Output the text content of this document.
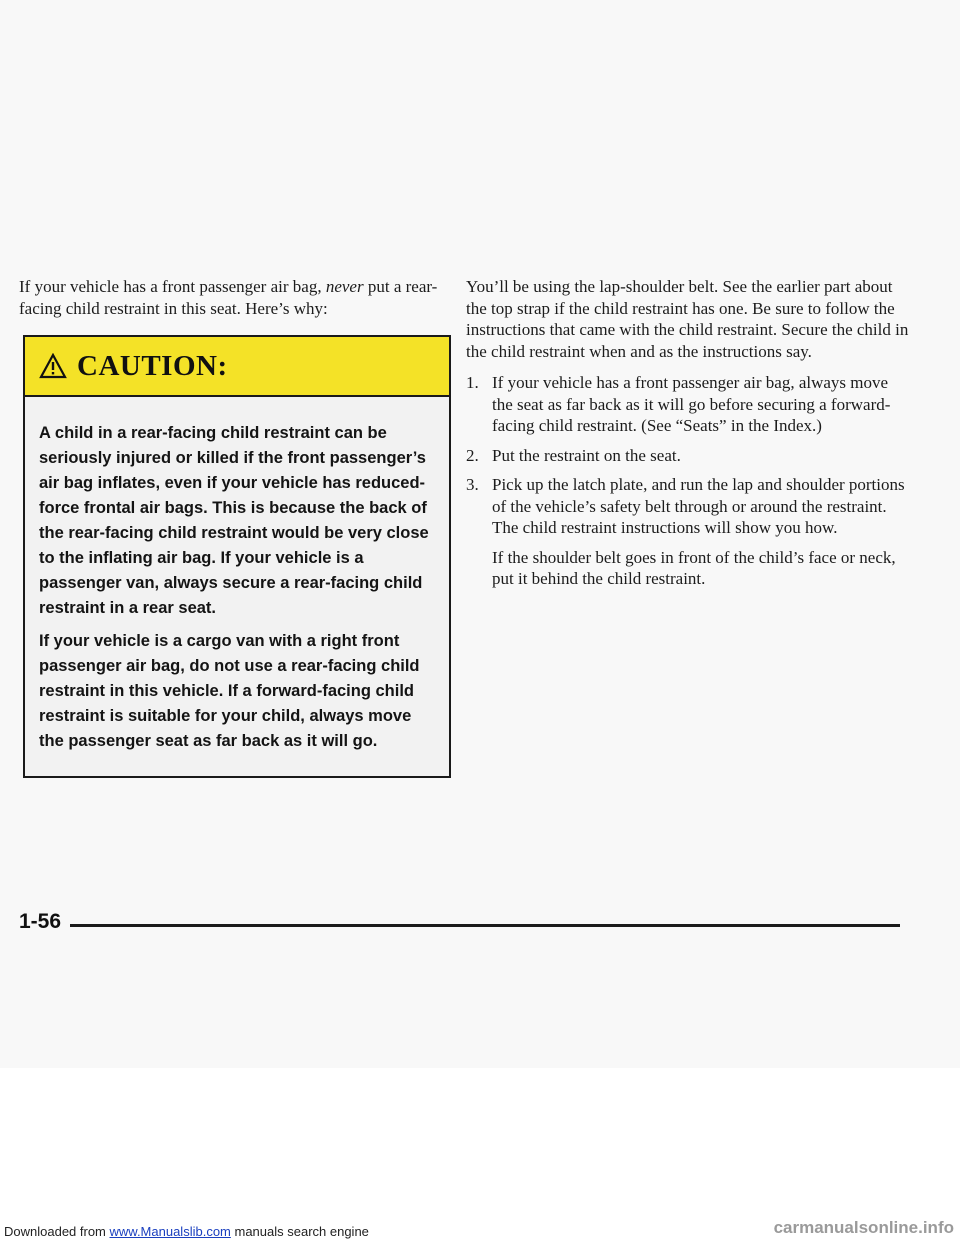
If your vehicle has a front passenger air bag, never put a rear-facing child restraint in this seat. Here’s why:

CAUTION:

A child in a rear-facing child restraint can be seriously injured or killed if the front passenger’s air bag inflates, even if your vehicle has reduced-force frontal air bags. This is because the back of the rear-facing child restraint would be very close to the inflating air bag. If your vehicle is a passenger van, always secure a rear-facing child restraint in a rear seat.

If your vehicle is a cargo van with a right front passenger air bag, do not use a rear-facing child restraint in this vehicle. If a forward-facing child restraint is suitable for your child, always move the passenger seat as far back as it will go.

You’ll be using the lap-shoulder belt. See the earlier part about the top strap if the child restraint has one. Be sure to follow the instructions that came with the child restraint. Secure the child in the child restraint when and as the instructions say.

1. If your vehicle has a front passenger air bag, always move the seat as far back as it will go before securing a forward-facing child restraint. (See “Seats” in the Index.)

2. Put the restraint on the seat.

3. Pick up the latch plate, and run the lap and shoulder portions of the vehicle’s safety belt through or around the restraint. The child restraint instructions will show you how.

If the shoulder belt goes in front of the child’s face or neck, put it behind the child restraint.

1-56
Downloaded from www.Manualslib.com manuals search engine	carmanualsonline.info
